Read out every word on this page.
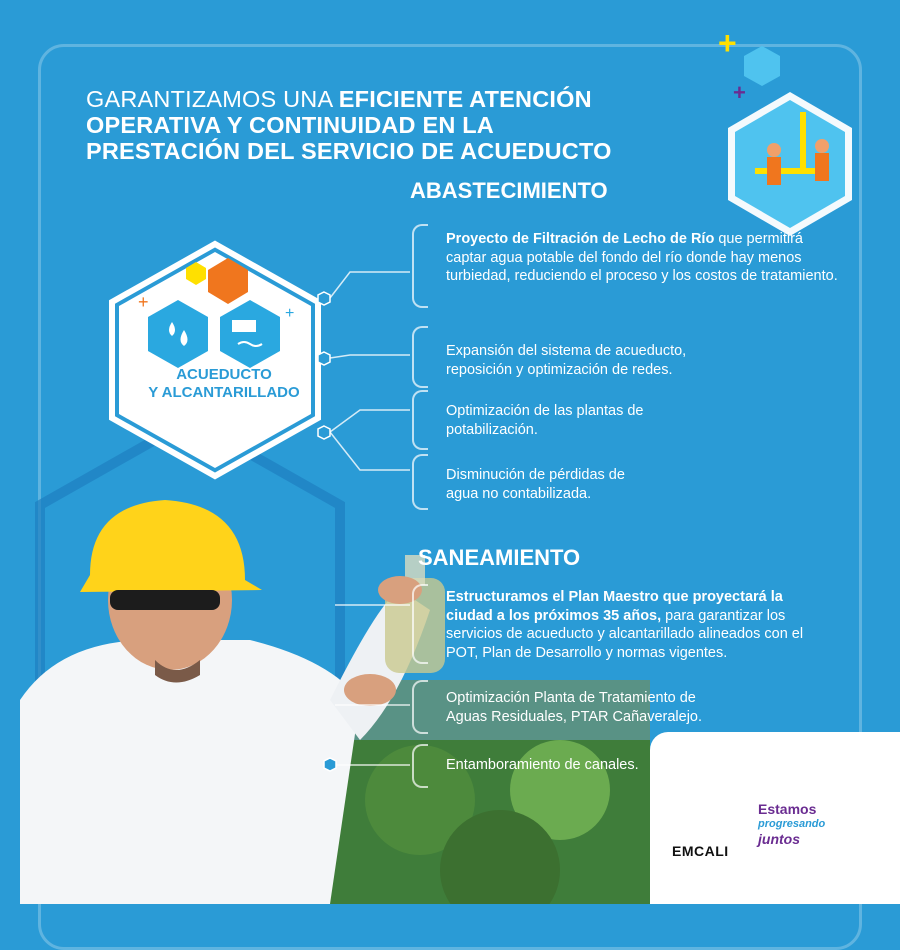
+
+
+
+
GARANTIZAMOS UNA EFICIENTE ATENCIÓN OPERATIVA Y CONTINUIDAD EN LA PRESTACIÓN DEL SERVICIO DE ACUEDUCTO
ACUEDUCTO
Y ALCANTARILLADO
ABASTECIMIENTO
Proyecto de Filtración de Lecho de Río que permitirá captar agua potable del fondo del río donde hay menos turbiedad, reduciendo el proceso y los costos de tratamiento.
Expansión del sistema de acueducto, reposición y optimización de redes.
Optimización de las plantas de potabilización.
Disminución de pérdidas de agua no contabilizada.
SANEAMIENTO
Estructuramos el Plan Maestro que proyectará la ciudad a los próximos 35 años, para garantizar los servicios de acueducto y alcantarillado alineados con el POT, Plan de Desarrollo y normas vigentes.
Optimización Planta de Tratamiento de Aguas Residuales, PTAR Cañaveralejo.
Entamboramiento de canales.
EMCALI
Estamos
progresando
juntos
